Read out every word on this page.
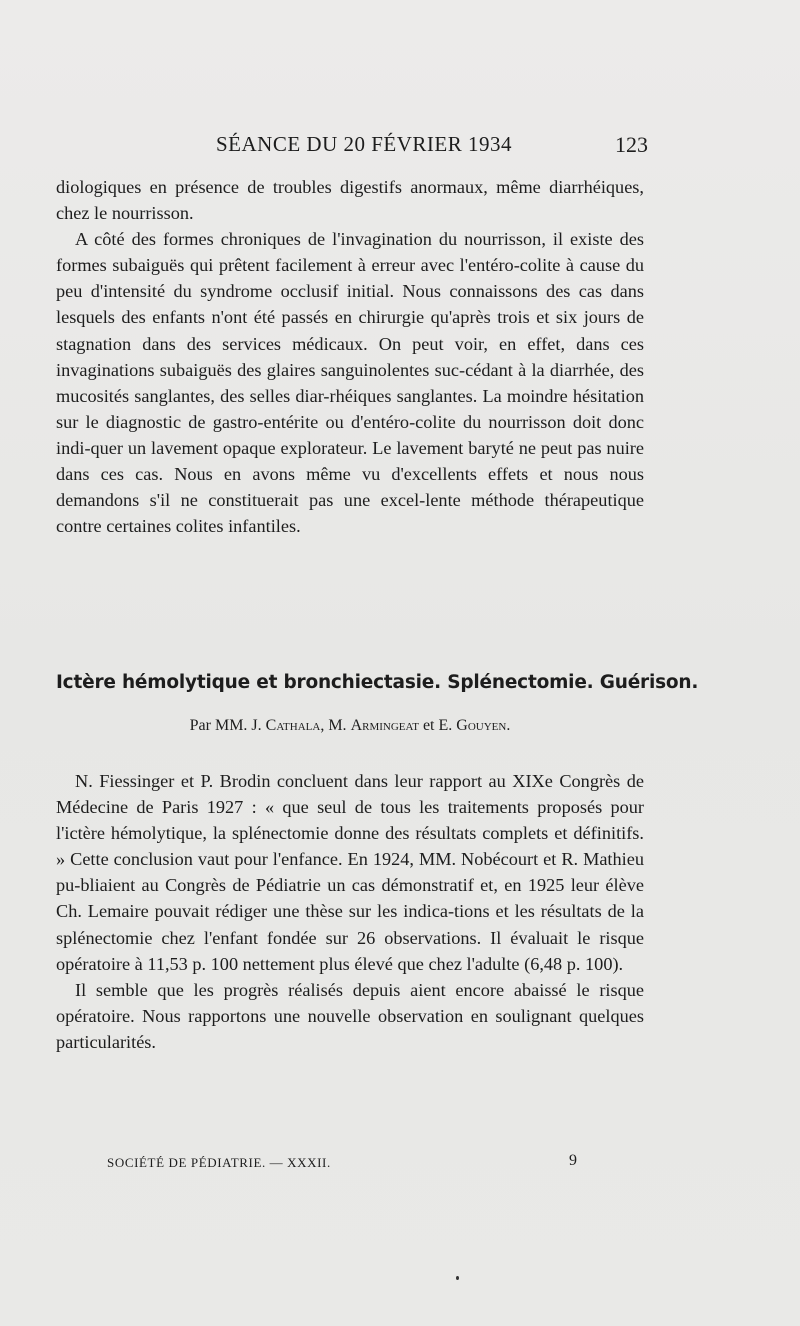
SÉANCE DU 20 FÉVRIER 1934	123

diologiques en présence de troubles digestifs anormaux, même diarrhéiques, chez le nourrisson.

A côté des formes chroniques de l'invagination du nourrisson, il existe des formes subaiguës qui prêtent facilement à erreur avec l'entéro-colite à cause du peu d'intensité du syndrome occlusif initial. Nous connaissons des cas dans lesquels des enfants n'ont été passés en chirurgie qu'après trois et six jours de stagnation dans des services médicaux. On peut voir, en effet, dans ces invaginations subaiguës des glaires sanguinolentes suc-cédant à la diarrhée, des mucosités sanglantes, des selles diar-rhéiques sanglantes. La moindre hésitation sur le diagnostic de gastro-entérite ou d'entéro-colite du nourrisson doit donc indi-quer un lavement opaque explorateur. Le lavement baryté ne peut pas nuire dans ces cas. Nous en avons même vu d'excellents effets et nous nous demandons s'il ne constituerait pas une excel-lente méthode thérapeutique contre certaines colites infantiles.

Ictère hémolytique et bronchiectasie. Splénectomie. Guérison.
Par MM. J. Cathala, M. Armingeat et E. Gouyen.

N. Fiessinger et P. Brodin concluent dans leur rapport au XIXe Congrès de Médecine de Paris 1927 : « que seul de tous les traitements proposés pour l'ictère hémolytique, la splénectomie donne des résultats complets et définitifs. » Cette conclusion vaut pour l'enfance. En 1924, MM. Nobécourt et R. Mathieu pu-bliaient au Congrès de Pédiatrie un cas démonstratif et, en 1925 leur élève Ch. Lemaire pouvait rédiger une thèse sur les indica-tions et les résultats de la splénectomie chez l'enfant fondée sur 26 observations. Il évaluait le risque opératoire à 11,53 p. 100 nettement plus élevé que chez l'adulte (6,48 p. 100).

Il semble que les progrès réalisés depuis aient encore abaissé le risque opératoire. Nous rapportons une nouvelle observation en soulignant quelques particularités.

SOCIÉTÉ DE PÉDIATRIE. — XXXII.	9
